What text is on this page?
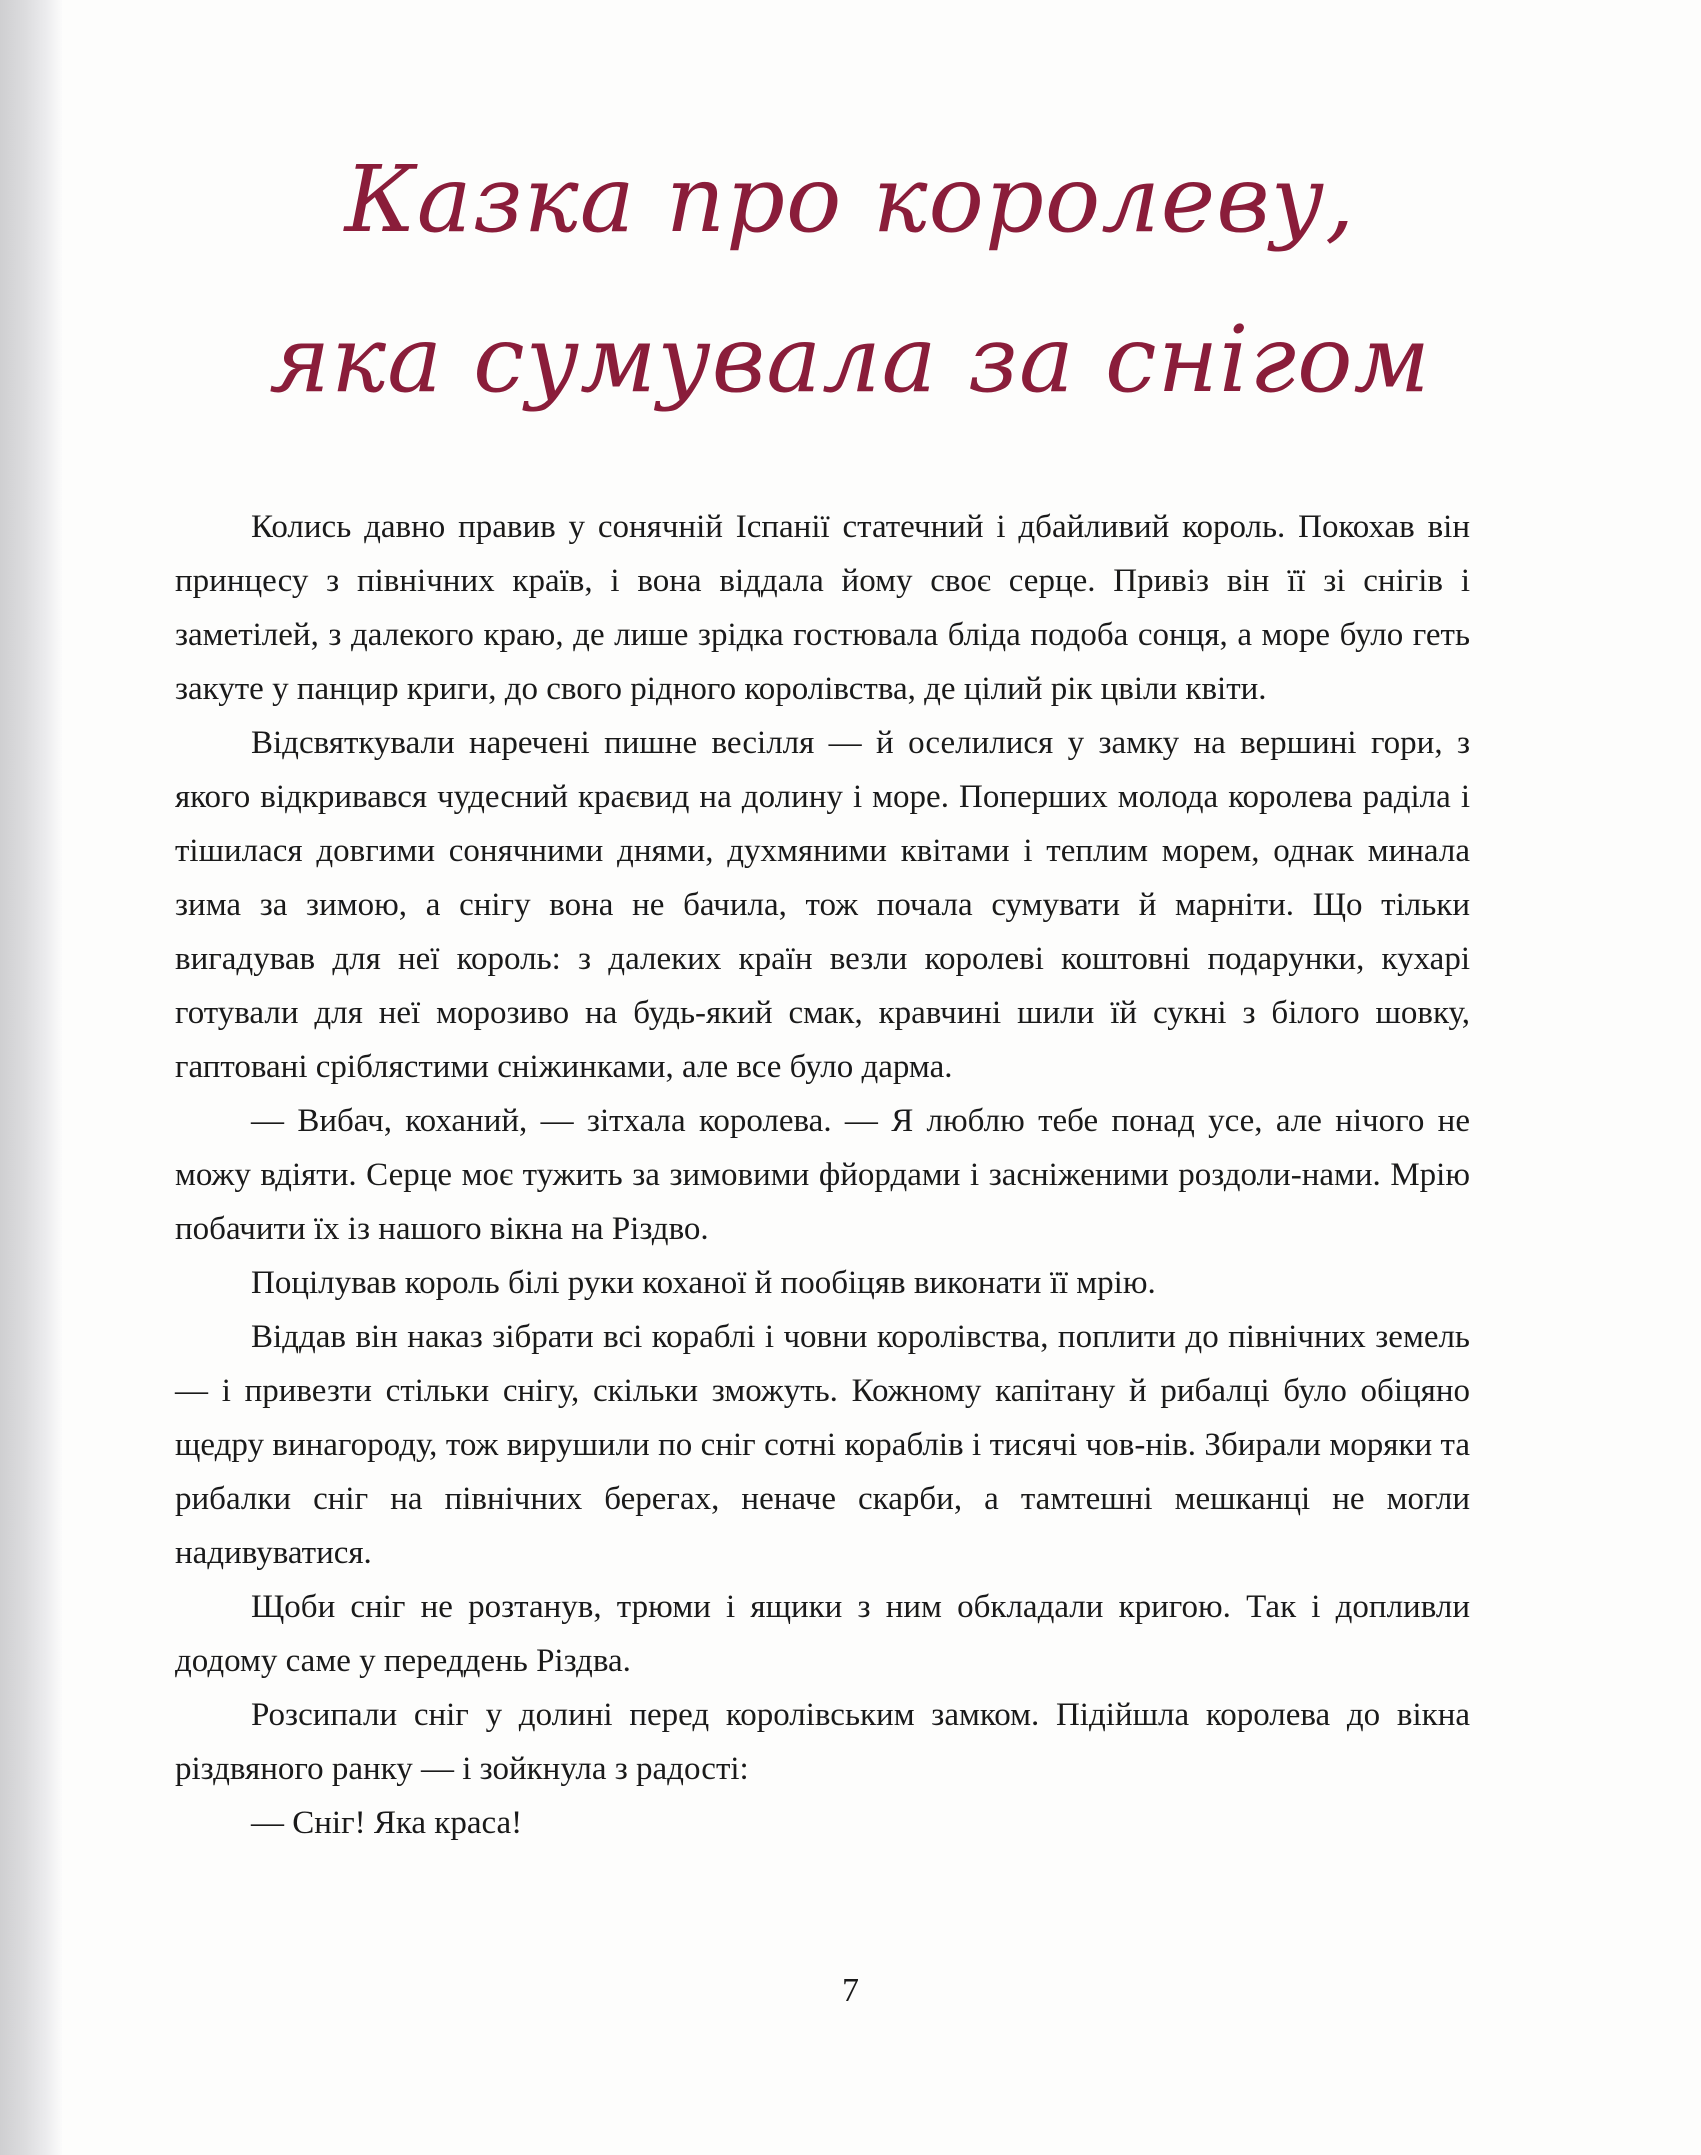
Казка про королеву,
яка сумувала за снігом

Колись давно правив у сонячній Іспанії статечний і дбайливий король. Покохав він принцесу з північних країв, і вона віддала йому своє серце. Привіз він її зі снігів і заметілей, з далекого краю, де лише зрідка гостювала бліда подоба сонця, а море було геть закуте у панцир криги, до свого рідного королівства, де цілий рік цвіли квіти.

Відсвяткували наречені пишне весілля — й оселилися у замку на вершині гори, з якого відкривався чудесний краєвид на долину і море. Поперших молода королева раділа і тішилася довгими сонячними днями, духмяними квітами і теплим морем, однак минала зима за зимою, а снігу вона не бачила, тож почала сумувати й марніти. Що тільки вигадував для неї король: з далеких країн везли королеві коштовні подарунки, кухарі готували для неї морозиво на будь-який смак, кравчині шили їй сукні з білого шовку, гаптовані сріблястими сніжинками, але все було дарма.

— Вибач, коханий, — зітхала королева. — Я люблю тебе понад усе, але нічого не можу вдіяти. Серце моє тужить за зимовими фйордами і засніженими роздоли-нами. Мрію побачити їх із нашого вікна на Різдво.

Поцілував король білі руки коханої й пообіцяв виконати її мрію.

Віддав він наказ зібрати всі кораблі і човни королівства, поплити до північних земель — і привезти стільки снігу, скільки зможуть. Кожному капітану й рибалці було обіцяно щедру винагороду, тож вирушили по сніг сотні кораблів і тисячі чов-нів. Збирали моряки та рибалки сніг на північних берегах, неначе скарби, а тамтешні мешканці не могли надивуватися.

Щоби сніг не розтанув, трюми і ящики з ним обкладали кригою. Так і допливли додому саме у переддень Різдва.

Розсипали сніг у долині перед королівським замком. Підійшла королева до вікна різдвяного ранку — і зойкнула з радості:

— Сніг! Яка краса!

7
